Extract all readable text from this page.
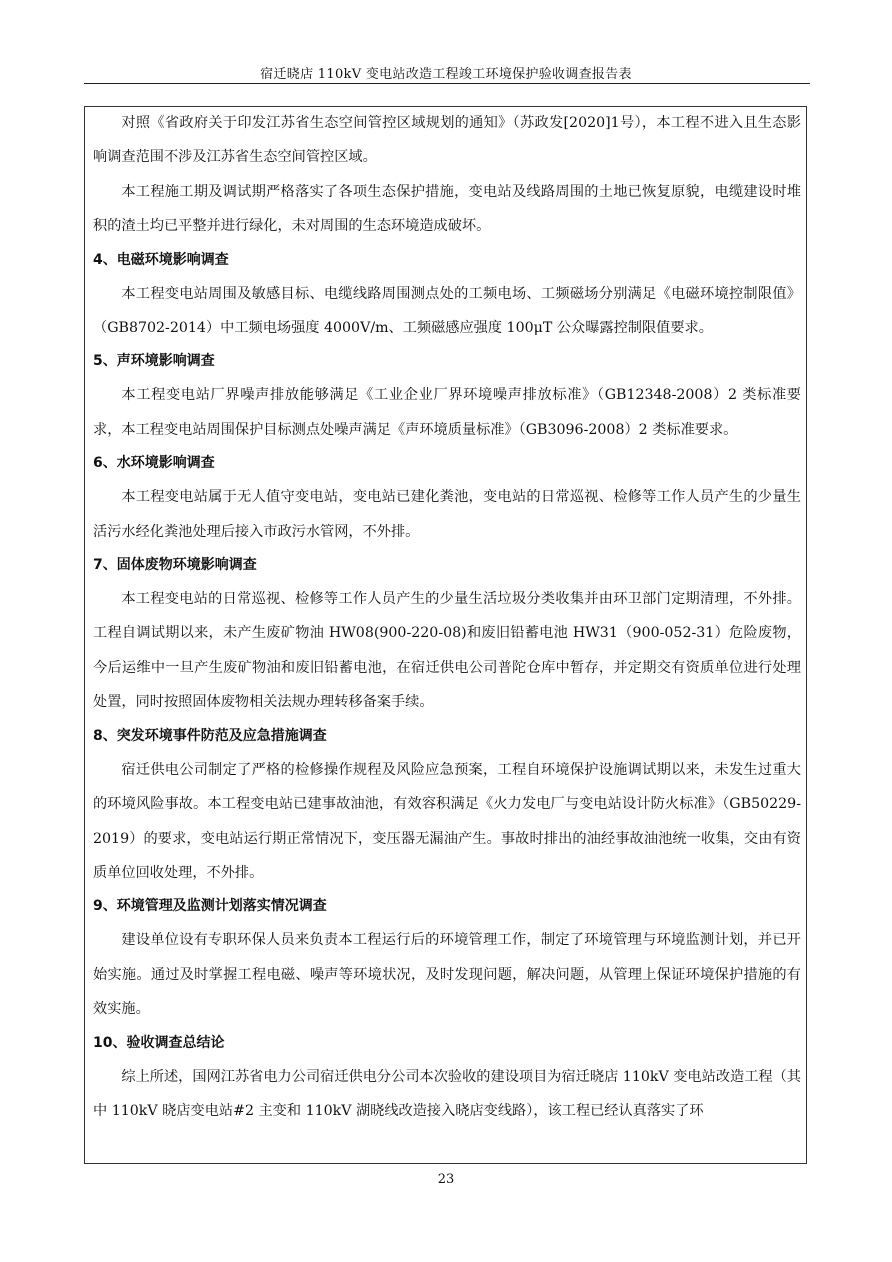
宿迁晓店 110kV 变电站改造工程竣工环境保护验收调查报告表

对照《省政府关于印发江苏省生态空间管控区域规划的通知》（苏政发[2020]1号），本工程不进入且生态影响调查范围不涉及江苏省生态空间管控区域。

本工程施工期及调试期严格落实了各项生态保护措施，变电站及线路周围的土地已恢复原貌，电缆建设时堆积的渣土均已平整并进行绿化，未对周围的生态环境造成破坏。

4、电磁环境影响调查

本工程变电站周围及敏感目标、电缆线路周围测点处的工频电场、工频磁场分别满足《电磁环境控制限值》（GB8702-2014）中工频电场强度 4000V/m、工频磁感应强度 100μT 公众曝露控制限值要求。

5、声环境影响调查

本工程变电站厂界噪声排放能够满足《工业企业厂界环境噪声排放标准》（GB12348-2008）2 类标准要求，本工程变电站周围保护目标测点处噪声满足《声环境质量标准》（GB3096-2008）2 类标准要求。

6、水环境影响调查

本工程变电站属于无人值守变电站，变电站已建化粪池，变电站的日常巡视、检修等工作人员产生的少量生活污水经化粪池处理后接入市政污水管网，不外排。

7、固体废物环境影响调查

本工程变电站的日常巡视、检修等工作人员产生的少量生活垃圾分类收集并由环卫部门定期清理，不外排。工程自调试期以来，未产生废矿物油 HW08(900-220-08)和废旧铅蓄电池 HW31（900-052-31）危险废物，今后运维中一旦产生废矿物油和废旧铅蓄电池，在宿迁供电公司普陀仓库中暂存，并定期交有资质单位进行处理处置，同时按照固体废物相关法规办理转移备案手续。

8、突发环境事件防范及应急措施调查

宿迁供电公司制定了严格的检修操作规程及风险应急预案，工程自环境保护设施调试期以来，未发生过重大的环境风险事故。本工程变电站已建事故油池，有效容积满足《火力发电厂与变电站设计防火标准》（GB50229-2019）的要求，变电站运行期正常情况下，变压器无漏油产生。事故时排出的油经事故油池统一收集，交由有资质单位回收处理，不外排。

9、环境管理及监测计划落实情况调查

建设单位设有专职环保人员来负责本工程运行后的环境管理工作，制定了环境管理与环境监测计划，并已开始实施。通过及时掌握工程电磁、噪声等环境状况，及时发现问题，解决问题，从管理上保证环境保护措施的有效实施。

10、验收调查总结论

综上所述，国网江苏省电力公司宿迁供电分公司本次验收的建设项目为宿迁晓店 110kV 变电站改造工程（其中 110kV 晓店变电站#2 主变和 110kV 湖晓线改造接入晓店变线路），该工程已经认真落实了环

23
